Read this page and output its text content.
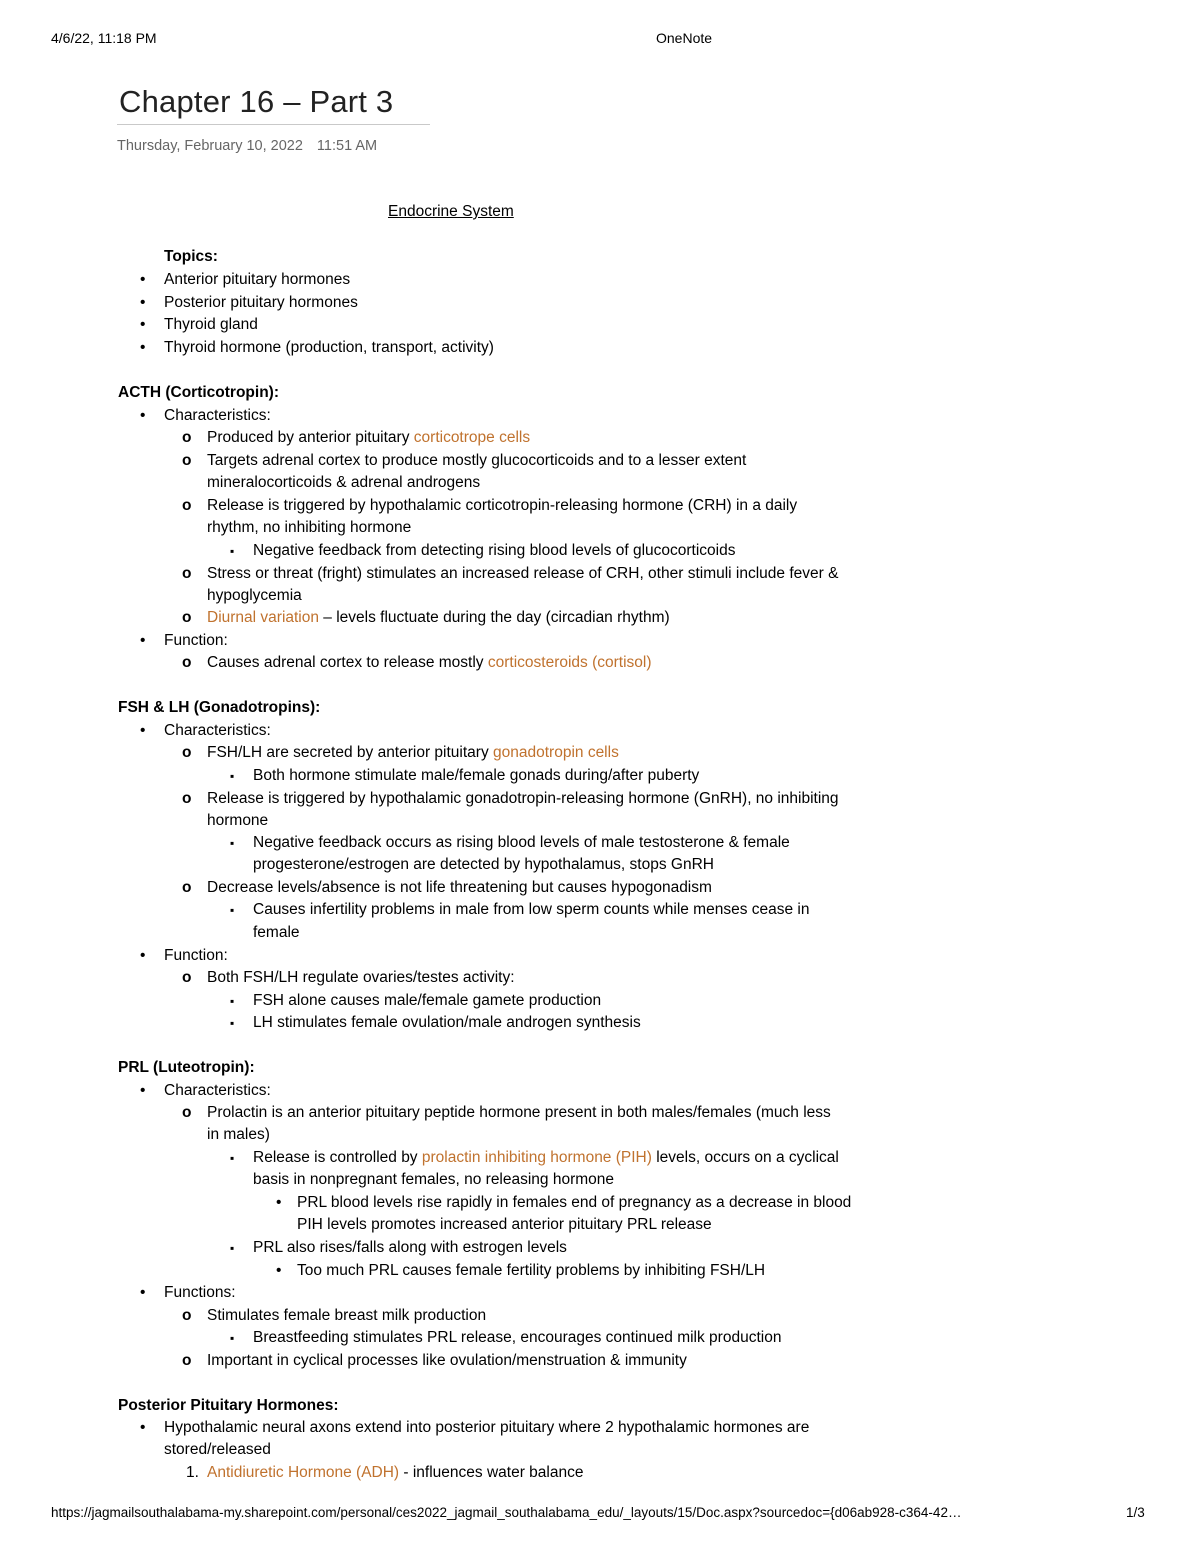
4/6/22, 11:18 PM	OneNote
Chapter 16 – Part 3
Thursday, February 10, 2022 11:51 AM
Endocrine System
Topics:
•
Anterior pituitary hormones
•
Posterior pituitary hormones
•
Thyroid gland
•
Thyroid hormone (production, transport, activity)
ACTH (Corticotropin):
•
Characteristics:
o Produced by anterior pituitary corticotrope cells
o Targets adrenal cortex to produce mostly glucocorticoids and to a lesser extent
mineralocorticoids & adrenal androgens
o Release is triggered by hypothalamic corticotropin-releasing hormone (CRH) in a daily
rhythm, no inhibiting hormone
▪
Negative feedback from detecting rising blood levels of glucocorticoids
o Stress or threat (fright) stimulates an increased release of CRH, other stimuli include fever &
hypoglycemia
o Diurnal variation – levels fluctuate during the day (circadian rhythm)
•
Function:
o Causes adrenal cortex to release mostly corticosteroids (cortisol)
FSH & LH (Gonadotropins):
•
Characteristics:
o FSH/LH are secreted by anterior pituitary gonadotropin cells
▪
Both hormone stimulate male/female gonads during/after puberty
o Release is triggered by hypothalamic gonadotropin-releasing hormone (GnRH), no inhibiting
hormone
▪
Negative feedback occurs as rising blood levels of male testosterone & female
progesterone/estrogen are detected by hypothalamus, stops GnRH
o Decrease levels/absence is not life threatening but causes hypogonadism
▪
Causes infertility problems in male from low sperm counts while menses cease in
female
•
Function:
o Both FSH/LH regulate ovaries/testes activity:
▪
FSH alone causes male/female gamete production
▪
LH stimulates female ovulation/male androgen synthesis
PRL (Luteotropin):
•
Characteristics:
o Prolactin is an anterior pituitary peptide hormone present in both males/females (much less
in males)
▪
Release is controlled by prolactin inhibiting hormone (PIH) levels, occurs on a cyclical
basis in nonpregnant females, no releasing hormone
•
PRL blood levels rise rapidly in females end of pregnancy as a decrease in blood
PIH levels promotes increased anterior pituitary PRL release
▪
PRL also rises/falls along with estrogen levels
•
Too much PRL causes female fertility problems by inhibiting FSH/LH
•
Functions:
o Stimulates female breast milk production
▪
Breastfeeding stimulates PRL release, encourages continued milk production
o Important in cyclical processes like ovulation/menstruation & immunity
Posterior Pituitary Hormones:
•
Hypothalamic neural axons extend into posterior pituitary where 2 hypothalamic hormones are
stored/released
1. Antidiuretic Hormone (ADH) - influences water balance
https://jagmailsouthalabama-my.sharepoint.com/personal/ces2022_jagmail_southalabama_edu/_layouts/15/Doc.aspx?sourcedoc={d06ab928-c364-42…	1/3
